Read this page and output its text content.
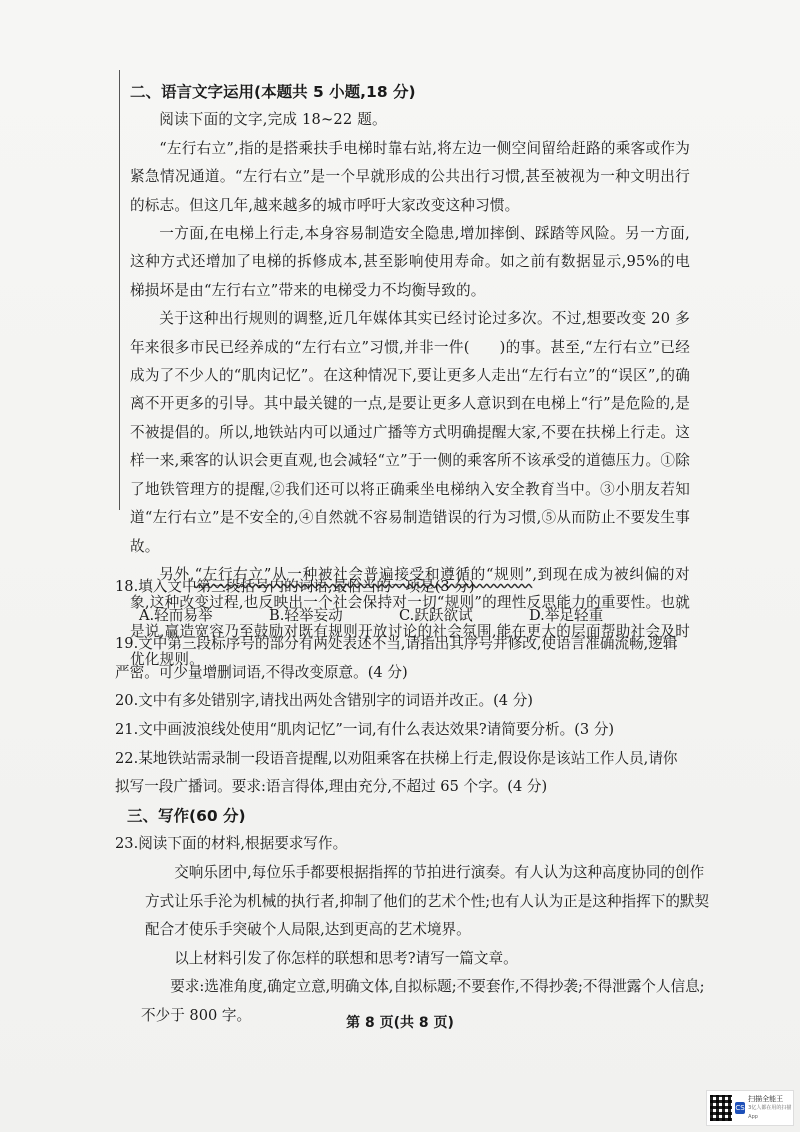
二、语言文字运用(本题共 5 小题,18 分)

阅读下面的文字,完成 18~22 题。

“左行右立”,指的是搭乘扶手电梯时靠右站,将左边一侧空间留给赶路的乘客或作为紧急情况通道。“左行右立”是一个早就形成的公共出行习惯,甚至被视为一种文明出行的标志。但这几年,越来越多的城市呼吁大家改变这种习惯。

一方面,在电梯上行走,本身容易制造安全隐患,增加摔倒、踩踏等风险。另一方面,这种方式还增加了电梯的拆修成本,甚至影响使用寿命。如之前有数据显示,95%的电梯损坏是由“左行右立”带来的电梯受力不均衡导致的。

关于这种出行规则的调整,近几年媒体其实已经讨论过多次。不过,想要改变 20 多年来很多市民已经养成的“左行右立”习惯,并非一件(　　)的事。甚至,“左行右立”已经成为了不少人的“肌肉记忆”。在这种情况下,要让更多人走出“左行右立”的“误区”,的确离不开更多的引导。其中最关键的一点,是要让更多人意识到在电梯上“行”是危险的,是不被提倡的。所以,地铁站内可以通过广播等方式明确提醒大家,不要在扶梯上行走。这样一来,乘客的认识会更直观,也会减轻“立”于一侧的乘客所不该承受的道德压力。①除了地铁管理方的提醒,②我们还可以将正确乘坐电梯纳入安全教育当中。③小朋友若知道“左行右立”是不安全的,④自然就不容易制造错误的行为习惯,⑤从而防止不要发生事故。

另外,“左行右立”从一种被社会普遍接受和遵循的“规则”,到现在成为被纠偏的对象,这种改变过程,也反映出一个社会保持对一切“规则”的理性反思能力的重要性。也就是说,赢造宽容乃至鼓励对既有规则开放讨论的社会氛围,能在更大的层面帮助社会及时优化规则。

18.填入文中第三段括号内的词语,最恰当的一项是(3 分)

A.轻而易举	B.轻举妄动	C.跃跃欲试	D.举足轻重

19.文中第三段标序号的部分有两处表述不当,请指出其序号并修改,使语言准确流畅,逻辑

严密。可少量增删词语,不得改变原意。(4 分)

20.文中有多处错别字,请找出两处含错别字的词语并改正。(4 分)

21.文中画波浪线处使用“肌肉记忆”一词,有什么表达效果?请简要分析。(3 分)

22.某地铁站需录制一段语音提醒,以劝阻乘客在扶梯上行走,假设你是该站工作人员,请你

拟写一段广播词。要求:语言得体,理由充分,不超过 65 个字。(4 分)

三、写作(60 分)

23.阅读下面的材料,根据要求写作。

交响乐团中,每位乐手都要根据指挥的节拍进行演奏。有人认为这种高度协同的创作方式让乐手沦为机械的执行者,抑制了他们的艺术个性;也有人认为正是这种指挥下的默契配合才使乐手突破个人局限,达到更高的艺术境界。

以上材料引发了你怎样的联想和思考?请写一篇文章。

要求:选准角度,确定立意,明确文体,自拟标题;不要套作,不得抄袭;不得泄露个人信息;不少于 800 字。	第 8 页(共 8 页)
CS
扫描全能王
3亿人都在用的扫描App
